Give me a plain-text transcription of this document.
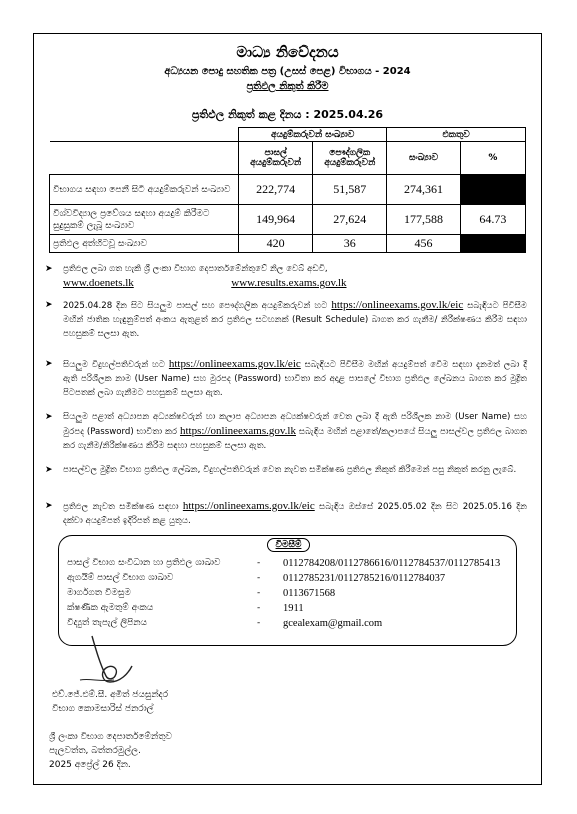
මාධ්‍ය නිවේදනය
අධ්‍යයන පොදු සහතික පත්‍ර (උසස් පෙළ) විභාගය - 2024
ප්‍රතිඵල නිකුත් කිරීම
ප්‍රතිඵල නිකුත් කළ දිනය : 2025.04.26
	අයදුම්කරුවන් සංඛ්‍යාව		එකතුව	
	පාසල් අයදුම්කරුවන්	පෞද්ගලික අයදුම්කරුවන්	සංඛ්‍යාව	%
විභාගය සඳහා පෙනී සිටි අයදුම්කරුවන් සංඛ්‍යාව	222,774	51,587	274,361	
විශ්වවිද්‍යාල ප්‍රවේශය සඳහා අයදුම් කිරීමට සුදුසුකම් ලැබූ සංඛ්‍යාව	149,964	27,624	177,588	64.73
ප්‍රතිඵල අත්හිටවූ සංඛ්‍යාව	420	36	456	
➤ ප්‍රතිඵල ලබා ගත හැකි ශ්‍රී ලංකා විභාග දෙපාර්තමේන්තුවේ නිල වෙබ් අඩවි,
www.doenets.lk	www.results.exams.gov.lk
➤ 2025.04.28 දින සිට සියලුම පාසල් සහ පෞද්ගලික අයදුම්කරුවන් හට https://onlineexams.gov.lk/eic සබැඳියට පිවිසීම මඟින් ජාතික හැඳුනුම්පත් අංකය ඇතුළත් කර ප්‍රතිඵල සටහනක් (Result Schedule) බාගත කර ගැනීම/ නිරීක්ෂණය කිරීම සඳහා පහසුකම් සලසා ඇත.
➤ සියලුම විදුහල්පතිවරුන් හට https://onlineexams.gov.lk/eic සබැඳියට පිවිසීම මඟින් අයදුම්පත් වෙිම සඳහා දැනමත් ලබා දී ඇති පරිශීලක නාම (User Name) සහ මුරපද (Password) භාවිතා කර අදාළ පාසලේ විභාග ප්‍රතිඵල ලේඛනය බාගත කර මුද්‍රිත පිටපතක් ලබා ගැනීමට පහසුකම් සලසා ඇත.
➤ සියලුම පළාත් අධ්‍යාපන අධ්‍යක්ෂවරුන් හා කලාප අධ්‍යාපන අධ්‍යක්ෂවරුන් වෙත ලබා දී ඇති පරිශීලක නාම (User Name) සහ මුරපද (Password) භාවිතා කර https://onlineexams.gov.lk සබැඳිය මඟින් පළාතේ/කලාපයේ සියලු පාසල්වල ප්‍රතිඵල බාගත කර ගැනීම/නිරීක්ෂණය කිරීම සඳහා පහසුකම් සලසා ඇත.
➤ පාසල්වල මුද්‍රිත විභාග ප්‍රතිඵල ලේඛන, විදුහල්පතිවරුන් වෙත නැවත සමීක්ෂණ ප්‍රතිඵල නිකුත් කිරීමෙන් පසු නිකුත් කරනු ලැබේ.
➤ ප්‍රතිඵල නැවත සමීක්ෂණ සඳහා https://onlineexams.gov.lk/eic සබැඳිය ඔස්සේ 2025.05.02 දින සිට 2025.05.16 දින දක්වා අයදුම්පත් ඉදිරිපත් කළ යුතුය.
විමසීම්
පාසල් විභාග සංවිධාන හා ප්‍රතිඵල ශාඛාව	- 0112784208/0112786616/0112784537/0112785413
ඇගයීම් පාසල් විභාග ශාඛාව	- 0112785231/0112785216/0112784037
මාර්ගගත විමසුම	- 0113671568
ක්ෂණික ඇමතුම් අංකය	- 1911
විද්‍යුත් තැපැල් ලිපිනය	- gcealexam@gmail.com
එච්.ජේ.එම්.සී. අමිත් ජයසුන්දර
විභාග කොමසාරිස් ජනරාල්
ශ්‍රී ලංකා විභාග දෙපාර්තමේන්තුව
පැලවත්ත, බත්තරමුල්ල.
2025 අප්‍රේල් 26 දින.
